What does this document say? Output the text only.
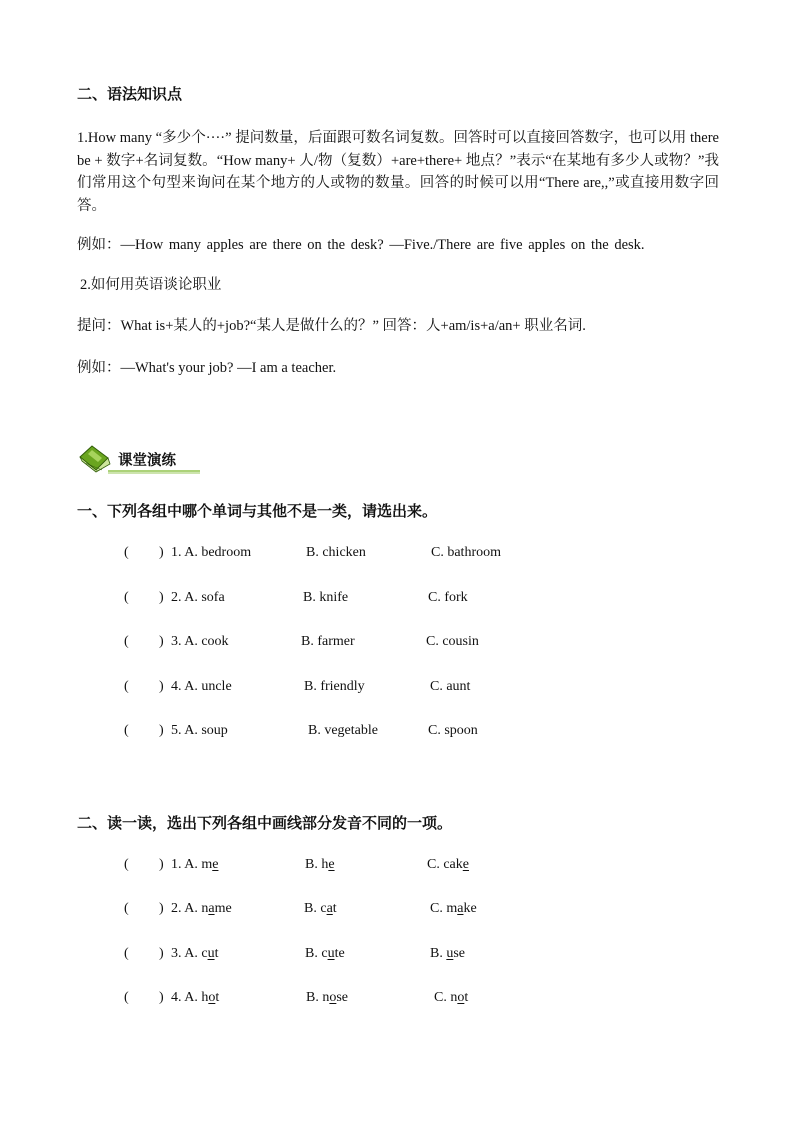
二、语法知识点
1.How many “多少个····” 提问数量，后面跟可数名词复数。回答时可以直接回答数字，也可以用 there be + 数字+名词复数。“How many+ 人/物（复数）+are+there+ 地点？”表示“在某地有多少人或物？”我们常用这个句型来询问在某个地方的人或物的数量。回答的时候可以用“There are,,”或直接用数字回答。
例如：—How many apples are there on the desk? —Five./There are five apples on the desk.
2.如何用英语谈论职业
提问：What is+某人的+job?“某人是做什么的？” 回答：人+am/is+a/an+ 职业名词.
例如：—What's your job? —I am a teacher.
课堂演练
一、下列各组中哪个单词与其他不是一类，请选出来。
( ) 1. A. bedroom	B. chicken	C. bathroom
( ) 2. A. sofa	B. knife	C. fork
( ) 3. A. cook	B. farmer	C. cousin
( ) 4. A. uncle	B. friendly	C. aunt
( ) 5. A. soup	B. vegetable	C. spoon
二、读一读，选出下列各组中画线部分发音不同的一项。
( ) 1. A. me	B. he	C. cake
( ) 2. A. name	B. cat	C. make
( ) 3. A. cut	B. cute	B. use
( ) 4. A. hot	B. nose	C. not
